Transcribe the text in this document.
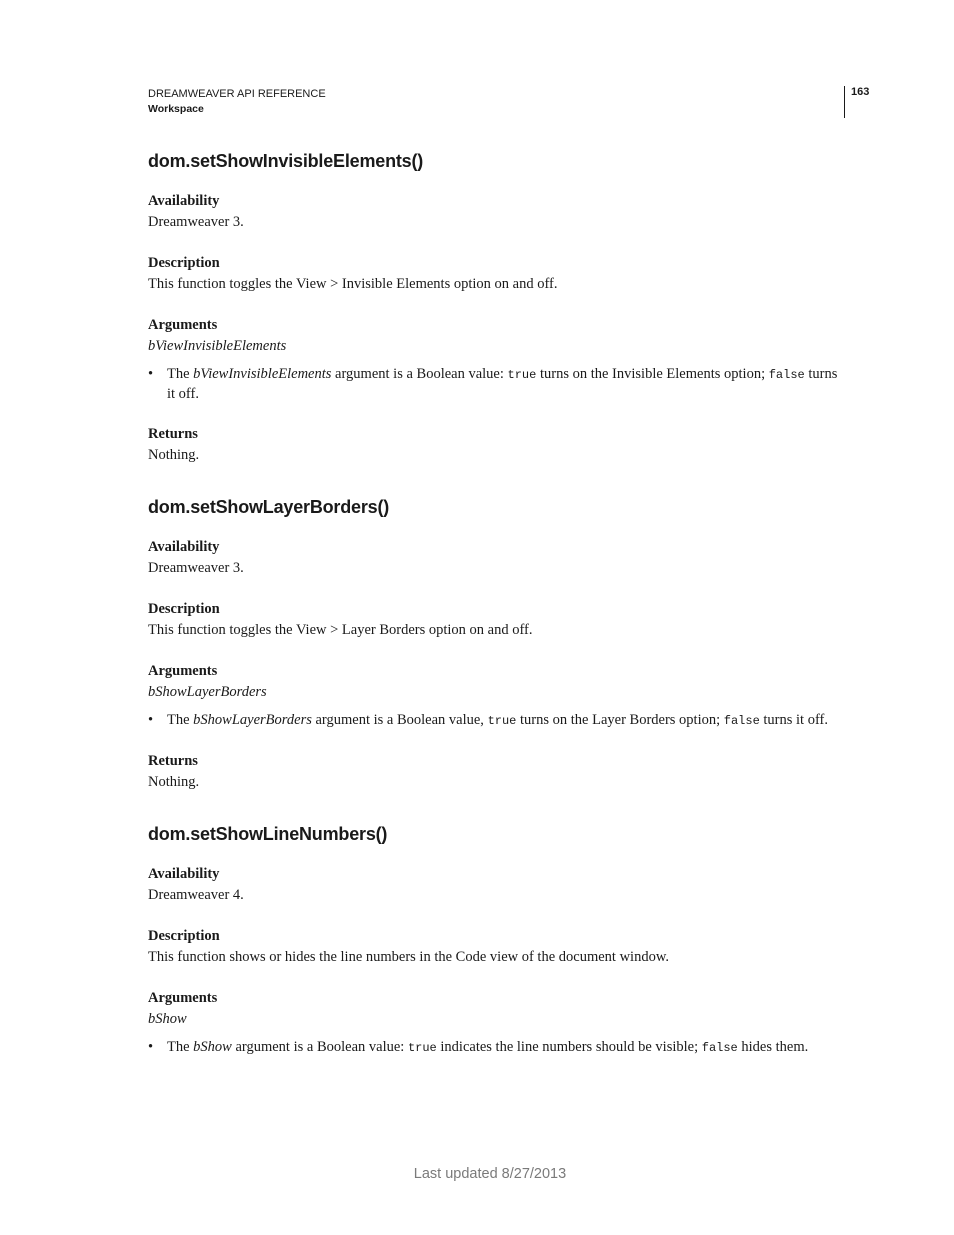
DREAMWEAVER API REFERENCE
Workspace
163
dom.setShowInvisibleElements()
Availability
Dreamweaver 3.
Description
This function toggles the View > Invisible Elements option on and off.
Arguments
bViewInvisibleElements
• The bViewInvisibleElements argument is a Boolean value: true turns on the Invisible Elements option; false turns it off.
Returns
Nothing.
dom.setShowLayerBorders()
Availability
Dreamweaver 3.
Description
This function toggles the View > Layer Borders option on and off.
Arguments
bShowLayerBorders
• The bShowLayerBorders argument is a Boolean value, true turns on the Layer Borders option; false turns it off.
Returns
Nothing.
dom.setShowLineNumbers()
Availability
Dreamweaver 4.
Description
This function shows or hides the line numbers in the Code view of the document window.
Arguments
bShow
• The bShow argument is a Boolean value: true indicates the line numbers should be visible; false hides them.
Last updated 8/27/2013
